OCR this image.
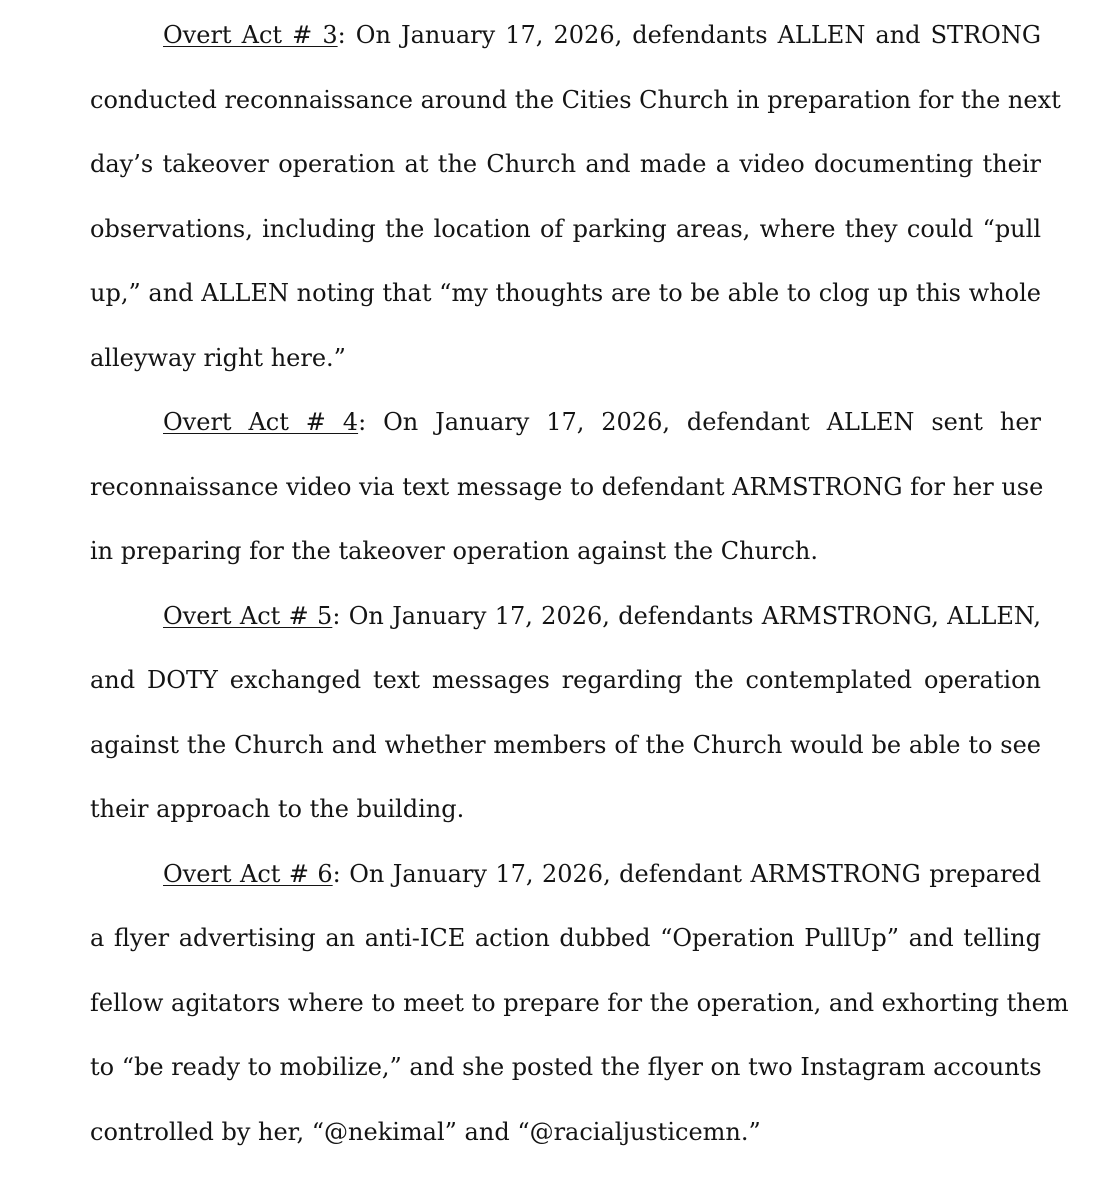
Overt Act # 3: On January 17, 2026, defendants ALLEN and STRONG
conducted reconnaissance around the Cities Church in preparation for the next
day’s takeover operation at the Church and made a video documenting their
observations, including the location of parking areas, where they could “pull
up,” and ALLEN noting that “my thoughts are to be able to clog up this whole
alleyway right here.”
Overt Act # 4: On January 17, 2026, defendant ALLEN sent her
reconnaissance video via text message to defendant ARMSTRONG for her use
in preparing for the takeover operation against the Church.
Overt Act # 5: On January 17, 2026, defendants ARMSTRONG, ALLEN,
and DOTY exchanged text messages regarding the contemplated operation
against the Church and whether members of the Church would be able to see
their approach to the building.
Overt Act # 6: On January 17, 2026, defendant ARMSTRONG prepared
a flyer advertising an anti-ICE action dubbed “Operation PullUp” and telling
fellow agitators where to meet to prepare for the operation, and exhorting them
to “be ready to mobilize,” and she posted the flyer on two Instagram accounts
controlled by her, “@nekimal” and “@racialjusticemn.”
